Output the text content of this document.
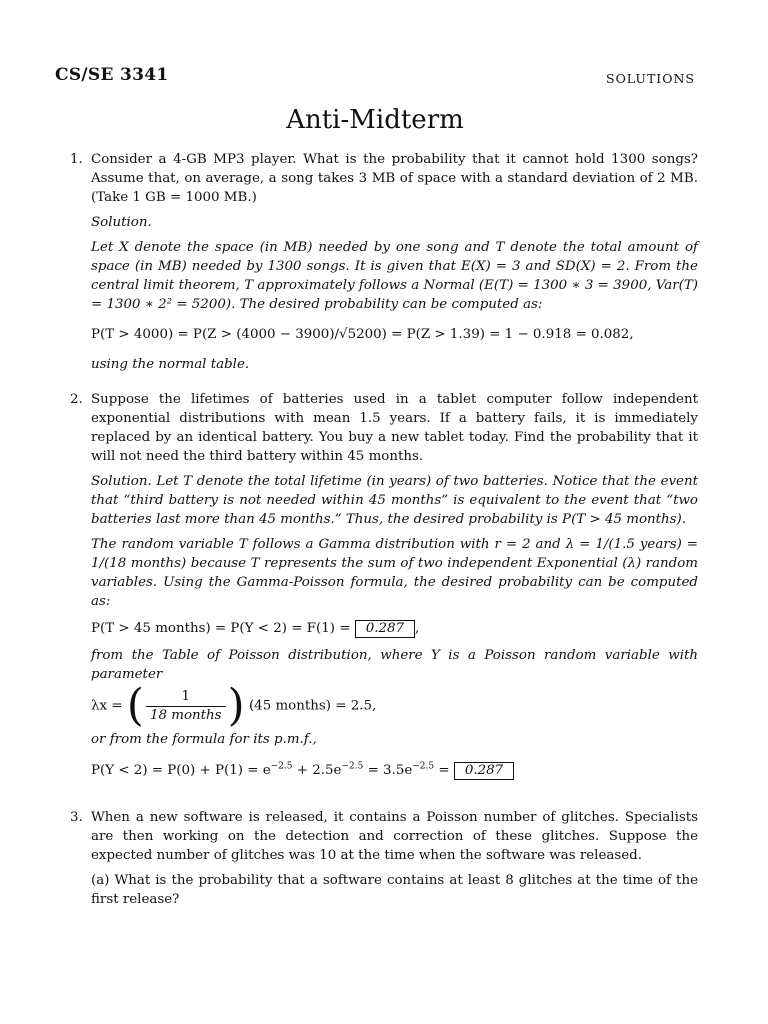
CS/SE 3341	SOLUTIONS
Anti-Midterm
1. Consider a 4-GB MP3 player. What is the probability that it cannot hold 1300 songs? Assume that, on average, a song takes 3 MB of space with a standard deviation of 2 MB. (Take 1 GB = 1000 MB.)

Solution.

Let X denote the space (in MB) needed by one song and T denote the total amount of space (in MB) needed by 1300 songs. It is given that E(X) = 3 and SD(X) = 2. From the central limit theorem, T approximately follows a Normal (E(T) = 1300 ∗ 3 = 3900, Var(T) = 1300 ∗ 2² = 5200). The desired probability can be computed as:

P(T > 4000) = P(Z > (4000 − 3900)/√5200) = P(Z > 1.39) = 1 − 0.918 = 0.082,

using the normal table.

2. Suppose the lifetimes of batteries used in a tablet computer follow independent exponential distributions with mean 1.5 years. If a battery fails, it is immediately replaced by an identical battery. You buy a new tablet today. Find the probability that it will not need the third battery within 45 months.

Solution. Let T denote the total lifetime (in years) of two batteries. Notice that the event that “third battery is not needed within 45 months” is equivalent to the event that “two batteries last more than 45 months.” Thus, the desired probability is P(T > 45 months).

The random variable T follows a Gamma distribution with r = 2 and λ = 1/(1.5 years) = 1/(18 months) because T represents the sum of two independent Exponential (λ) random variables. Using the Gamma-Poisson formula, the desired probability can be computed as:

P(T > 45 months) = P(Y < 2) = F(1) = 0.287 ,

from the Table of Poisson distribution, where Y is a Poisson random variable with parameter

λx = ( $\frac{1}{\text{18 months}}$ ) (45 months) = 2.5,

or from the formula for its p.m.f.,

$P(Y < 2) = P(0) + P(1) = e^{-2.5} + 2.5e^{-2.5} = 3.5e^{-2.5} = 0.287$

3. When a new software is released, it contains a Poisson number of glitches. Specialists are then working on the detection and correction of these glitches. Suppose the expected number of glitches was 10 at the time when the software was released.

(a) What is the probability that a software contains at least 8 glitches at the time of the first release?
